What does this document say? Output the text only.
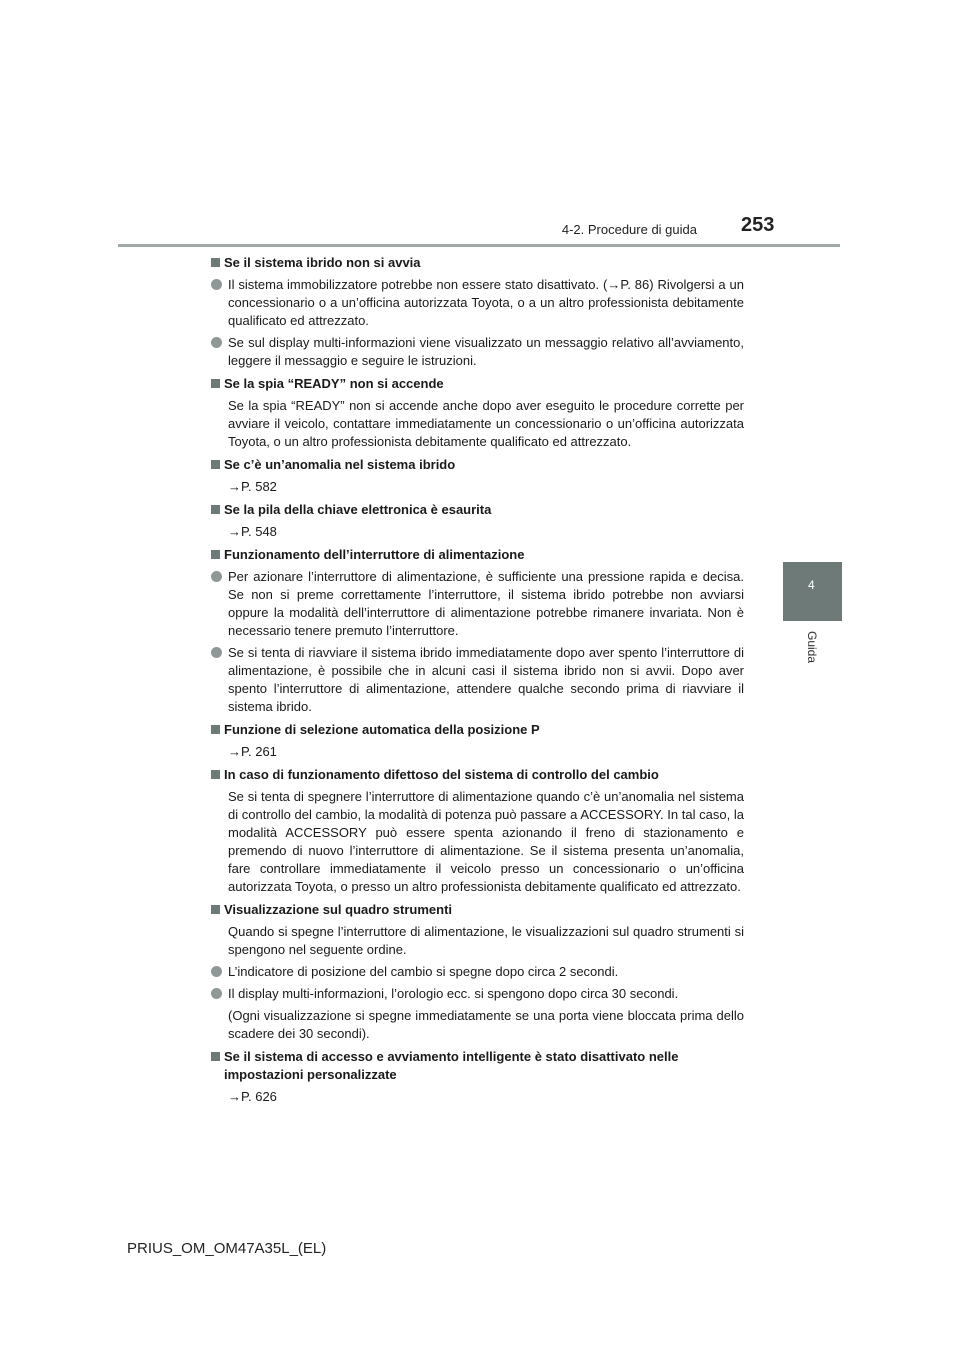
4-2. Procedure di guida 253
4
Guida
Se il sistema ibrido non si avvia
Il sistema immobilizzatore potrebbe non essere stato disattivato. (→P. 86) Rivolgersi a un concessionario o a un’officina autorizzata Toyota, o a un altro professionista debitamente qualificato ed attrezzato.
Se sul display multi-informazioni viene visualizzato un messaggio relativo all’avviamento, leggere il messaggio e seguire le istruzioni.
Se la spia “READY” non si accende
Se la spia “READY” non si accende anche dopo aver eseguito le procedure corrette per avviare il veicolo, contattare immediatamente un concessionario o un’officina autorizzata Toyota, o un altro professionista debitamente qualificato ed attrezzato.
Se c’è un’anomalia nel sistema ibrido
→P. 582
Se la pila della chiave elettronica è esaurita
→P. 548
Funzionamento dell’interruttore di alimentazione
Per azionare l’interruttore di alimentazione, è sufficiente una pressione rapida e decisa. Se non si preme correttamente l’interruttore, il sistema ibrido potrebbe non avviarsi oppure la modalità dell’interruttore di alimentazione potrebbe rimanere invariata. Non è necessario tenere premuto l’interruttore.
Se si tenta di riavviare il sistema ibrido immediatamente dopo aver spento l’interruttore di alimentazione, è possibile che in alcuni casi il sistema ibrido non si avvii. Dopo aver spento l’interruttore di alimentazione, attendere qualche secondo prima di riavviare il sistema ibrido.
Funzione di selezione automatica della posizione P
→P. 261
In caso di funzionamento difettoso del sistema di controllo del cambio
Se si tenta di spegnere l’interruttore di alimentazione quando c’è un’anomalia nel sistema di controllo del cambio, la modalità di potenza può passare a ACCESSORY. In tal caso, la modalità ACCESSORY può essere spenta azionando il freno di stazionamento e premendo di nuovo l’interruttore di alimentazione. Se il sistema presenta un’anomalia, fare controllare immediatamente il veicolo presso un concessionario o un’officina autorizzata Toyota, o presso un altro professionista debitamente qualificato ed attrezzato.
Visualizzazione sul quadro strumenti
Quando si spegne l’interruttore di alimentazione, le visualizzazioni sul quadro strumenti si spengono nel seguente ordine.
L’indicatore di posizione del cambio si spegne dopo circa 2 secondi.
Il display multi-informazioni, l’orologio ecc. si spengono dopo circa 30 secondi.
(Ogni visualizzazione si spegne immediatamente se una porta viene bloccata prima dello scadere dei 30 secondi).
Se il sistema di accesso e avviamento intelligente è stato disattivato nelle impostazioni personalizzate
→P. 626
PRIUS_OM_OM47A35L_(EL)
